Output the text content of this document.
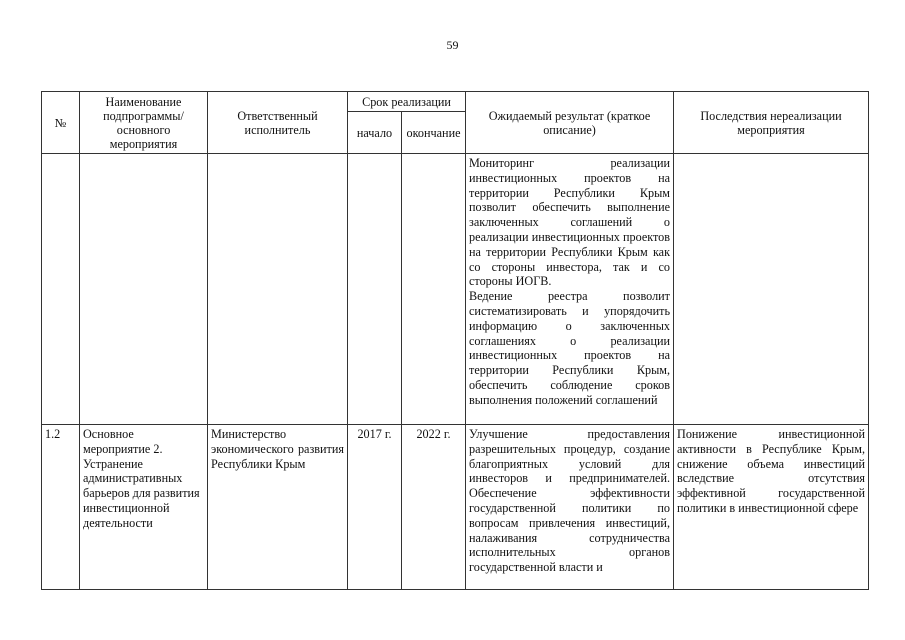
59
№	Наименование подпрограммы/ основного мероприятия	Ответственный исполнитель	Срок реализации		Ожидаемый результат (краткое описание)	Последствия нереализации мероприятия
			начало	окончание		

					Мониторинг реализации инвестиционных проектов на территории Республики Крым позволит обеспечить выполнение заключенных соглашений о реализации инвестиционных проектов на территории Республики Крым как со стороны инвестора, так и со стороны ИОГВ.
Ведение реестра позволит систематизировать и упорядочить информацию о заключенных соглашениях о реализации инвестиционных проектов на территории Республики Крым, обеспечить соблюдение сроков выполнения положений соглашений	

1.2	Основное мероприятие 2. Устранение административных барьеров для развития инвестиционной деятельности	Министерство экономического развития Республики Крым	2017 г.	2022 г.	Улучшение предоставления разрешительных процедур, создание благоприятных условий для инвесторов и предпринимателей. Обеспечение эффективности государственной политики по вопросам привлечения инвестиций, налаживания сотрудничества исполнительных органов государственной власти и	Понижение инвестиционной активности в Республике Крым, снижение объема инвестиций вследствие отсутствия эффективной государственной политики в инвестиционной сфере
